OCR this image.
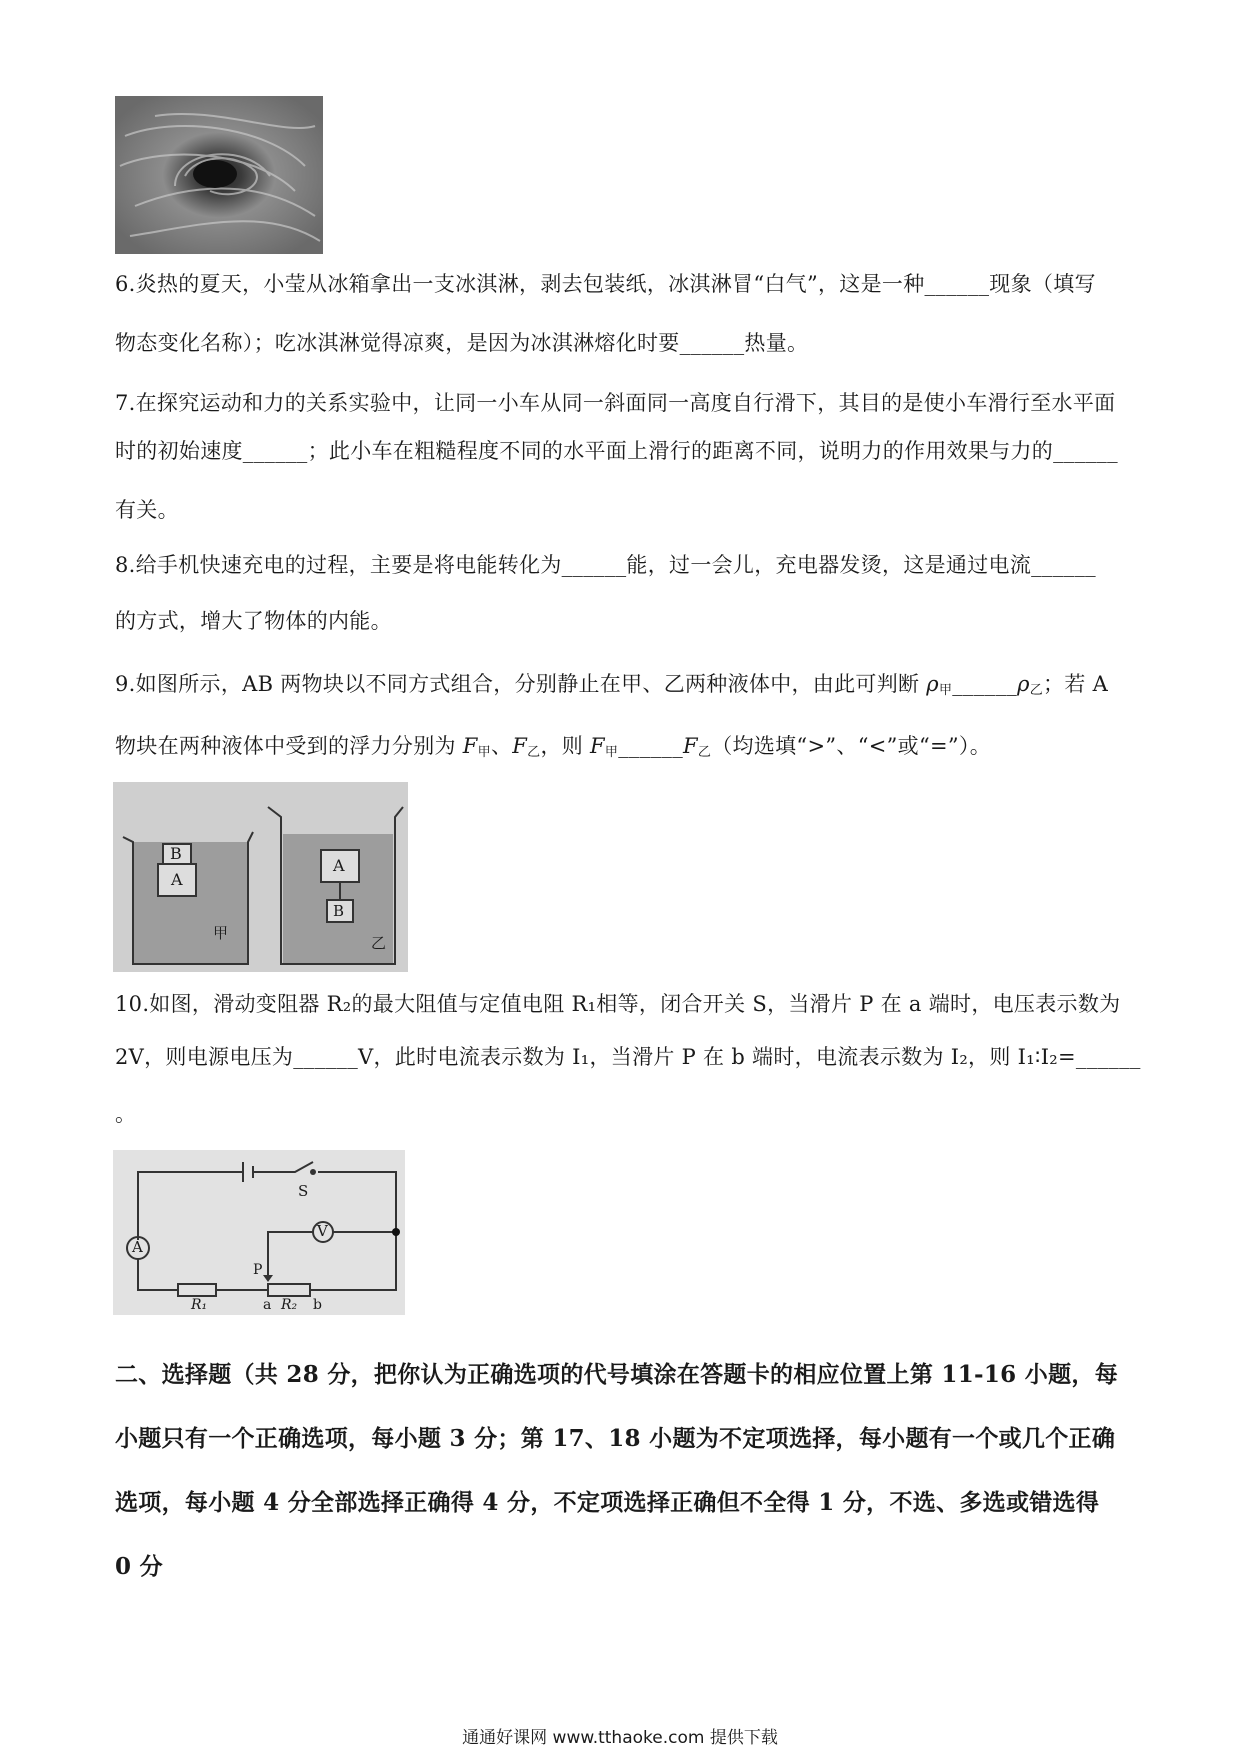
6.炎热的夏天，小莹从冰箱拿出一支冰淇淋，剥去包装纸，冰淇淋冒“白气”，这是一种______现象（填写
物态变化名称）；吃冰淇淋觉得凉爽，是因为冰淇淋熔化时要______热量。
7.在探究运动和力的关系实验中，让同一小车从同一斜面同一高度自行滑下，其目的是使小车滑行至水平面
时的初始速度______；此小车在粗糙程度不同的水平面上滑行的距离不同，说明力的作用效果与力的______
有关。
8.给手机快速充电的过程，主要是将电能转化为______能，过一会儿，充电器发烫，这是通过电流______
的方式，增大了物体的内能。
9.如图所示，AB 两物块以不同方式组合，分别静止在甲、乙两种液体中，由此可判断 ρ甲______ρ乙；若 A
物块在两种液体中受到的浮力分别为 F甲、F乙，则 F甲______F乙（均选填“>”、“<”或“=”）。
B
A
甲
A
B
乙
10.如图，滑动变阻器 R₂的最大阻值与定值电阻 R₁相等，闭合开关 S，当滑片 P 在 a 端时，电压表示数为
2V，则电源电压为______V，此时电流表示数为 I₁，当滑片 P 在 b 端时，电流表示数为 I₂，则 I₁∶I₂=______
。
S
A
V
P
R₁	a R₂ b
二、选择题（共 28 分，把你认为正确选项的代号填涂在答题卡的相应位置上第 11-16 小题，每
小题只有一个正确选项，每小题 3 分；第 17、18 小题为不定项选择，每小题有一个或几个正确
选项，每小题 4 分全部选择正确得 4 分，不定项选择正确但不全得 1 分，不选、多选或错选得
0 分
通通好课网 www.tthaoke.com 提供下载
